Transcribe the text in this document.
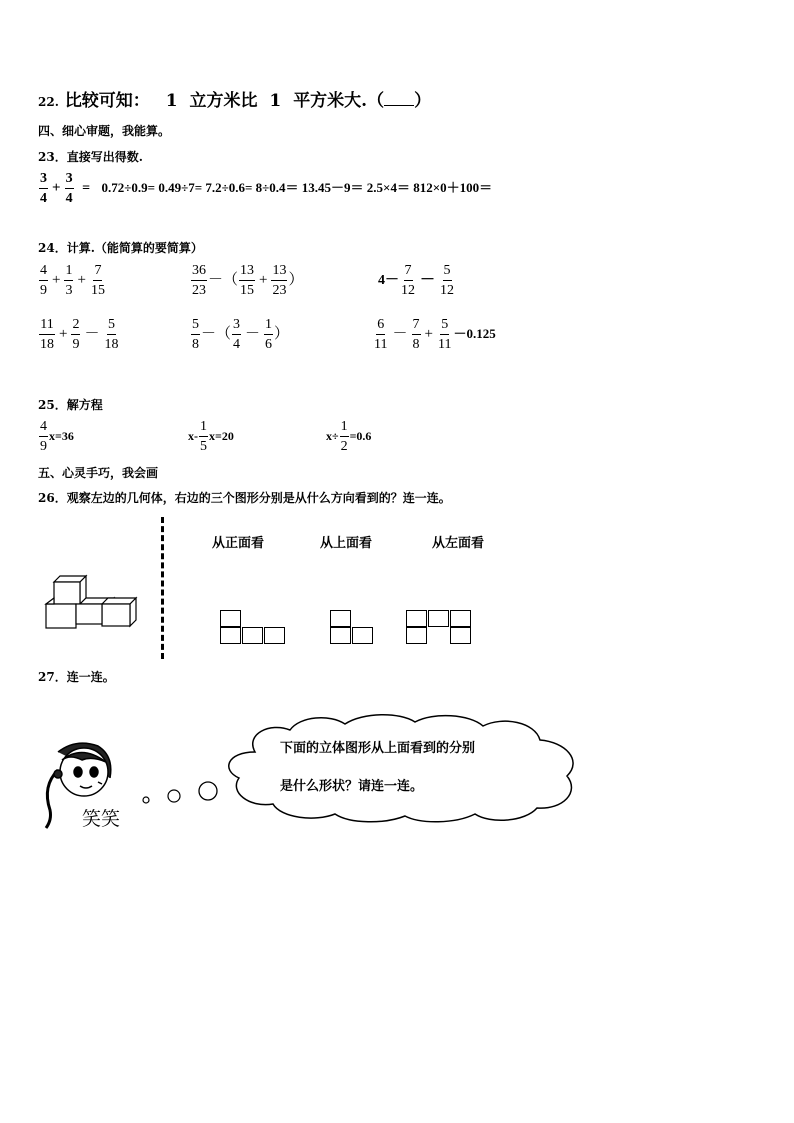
22. 比较可知： 1 立方米比 1 平方米大.（ ）
四、细心审题，我能算。
23．直接写出得数.
$\frac{3}{4} + \frac{3}{4} = 0.72\div 0.9= 0.49\div 7= 7.2\div 0.6= 8\div 0.4= 13.45-9= 2.5\times 4= 812\times 0+100=$
24．计算.（能简算的要简算）
$\frac{4}{9} + \frac{1}{3} + \frac{7}{15}$	$\frac{36}{23}$ －（ $\frac{13}{15} + \frac{13}{23}$ ）	$4- \frac{7}{12} - \frac{5}{12}$
$\frac{11}{18} + \frac{2}{9} - \frac{5}{18}$	$\frac{5}{8}$ －（ $\frac{3}{4} - \frac{1}{6}$ ）	$\frac{6}{11} - \frac{7}{8} + \frac{5}{11} -0.125$
25．解方程
$\frac{4}{9} x=36$	$x- \frac{1}{5} x=20$	$x\div \frac{1}{2} =0.6$
五、心灵手巧，我会画
26．观察左边的几何体，右边的三个图形分别是从什么方向看到的？连一连。
从正面看	从上面看	从左面看
27．连一连。
笑笑
下面的立体图形从上面看到的分别
是什么形状？请连一连。
